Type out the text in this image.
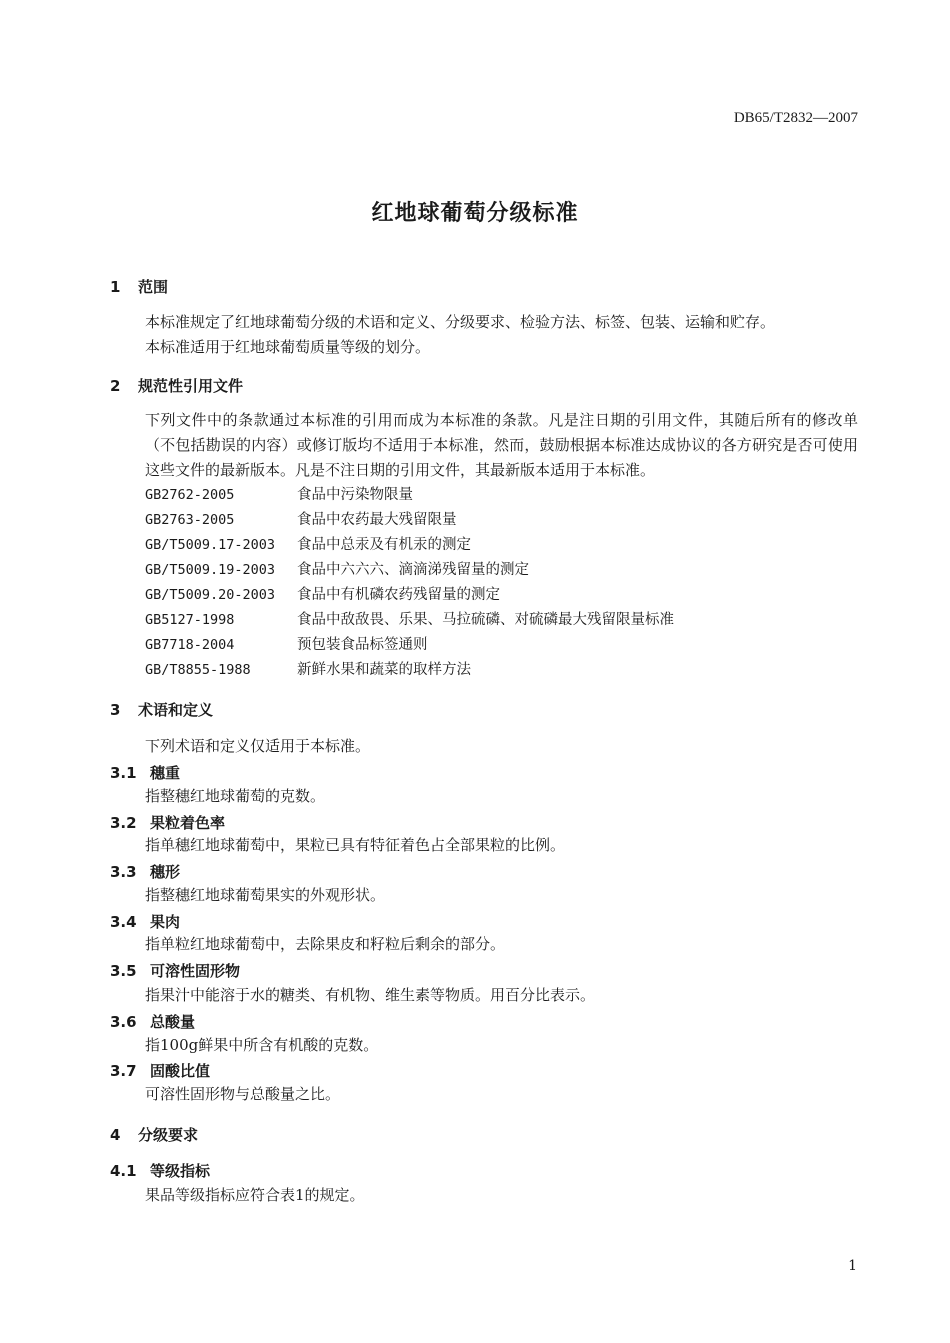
DB65/T2832—2007
红地球葡萄分级标准
1 范围
本标准规定了红地球葡萄分级的术语和定义、分级要求、检验方法、标签、包装、运输和贮存。
本标准适用于红地球葡萄质量等级的划分。
2 规范性引用文件
下列文件中的条款通过本标准的引用而成为本标准的条款。凡是注日期的引用文件，其随后所有的修改单（不包括勘误的内容）或修订版均不适用于本标准，然而，鼓励根据本标准达成协议的各方研究是否可使用这些文件的最新版本。凡是不注日期的引用文件，其最新版本适用于本标准。
GB2762-2005	食品中污染物限量
GB2763-2005	食品中农药最大残留限量
GB/T5009.17-2003 食品中总汞及有机汞的测定
GB/T5009.19-2003 食品中六六六、滴滴涕残留量的测定
GB/T5009.20-2003 食品中有机磷农药残留量的测定
GB5127-1998	食品中敌敌畏、乐果、马拉硫磷、对硫磷最大残留限量标准
GB7718-2004	预包装食品标签通则
GB/T8855-1988	新鲜水果和蔬菜的取样方法
3 术语和定义
下列术语和定义仅适用于本标准。
3.1 穗重
指整穗红地球葡萄的克数。
3.2 果粒着色率
指单穗红地球葡萄中，果粒已具有特征着色占全部果粒的比例。
3.3 穗形
指整穗红地球葡萄果实的外观形状。
3.4 果肉
指单粒红地球葡萄中，去除果皮和籽粒后剩余的部分。
3.5 可溶性固形物
指果汁中能溶于水的糖类、有机物、维生素等物质。用百分比表示。
3.6 总酸量
指100g鲜果中所含有机酸的克数。
3.7 固酸比值
可溶性固形物与总酸量之比。
4 分级要求
4.1 等级指标
果品等级指标应符合表1的规定。
1
